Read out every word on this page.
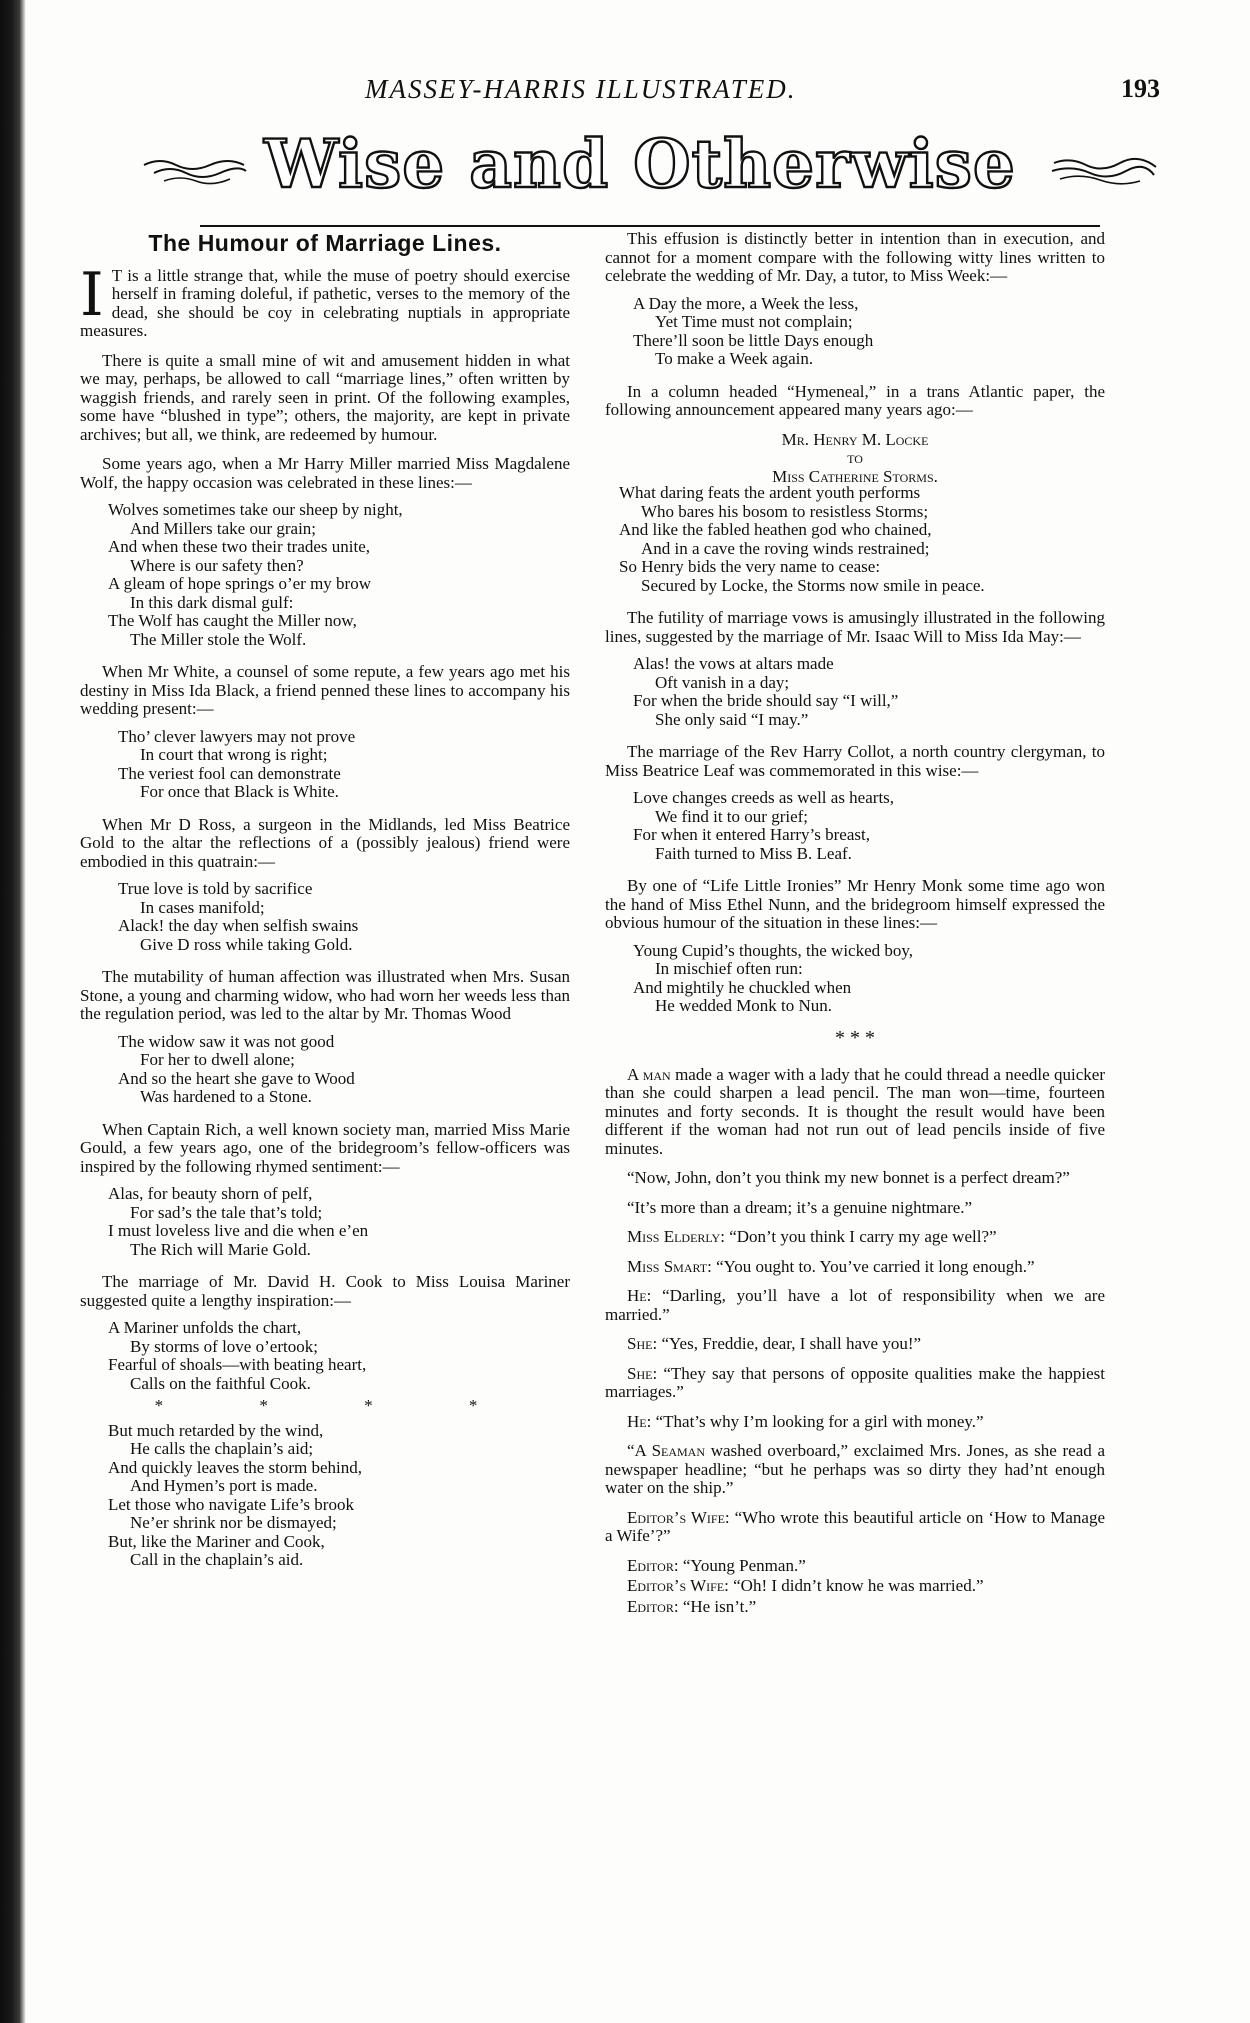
MASSEY-HARRIS ILLUSTRATED.	193
Wise and Otherwise
The Humour of Marriage Lines.

I T is a little strange that, while the muse of poetry should exercise herself in framing doleful, if pathetic, verses to the memory of the dead, she should be coy in celebrating nuptials in appropriate measures.

There is quite a small mine of wit and amusement hidden in what we may, perhaps, be allowed to call “marriage lines,” often written by waggish friends, and rarely seen in print. Of the following examples, some have “blushed in type”; others, the majority, are kept in private archives; but all, we think, are redeemed by humour.

Some years ago, when a Mr Harry Miller married Miss Magdalene Wolf, the happy occasion was celebrated in these lines:—

Wolves sometimes take our sheep by night,
And Millers take our grain;
And when these two their trades unite,
Where is our safety then?
A gleam of hope springs o’er my brow
In this dark dismal gulf:
The Wolf has caught the Miller now,
The Miller stole the Wolf.

When Mr White, a counsel of some repute, a few years ago met his destiny in Miss Ida Black, a friend penned these lines to accompany his wedding present:—

Tho’ clever lawyers may not prove
In court that wrong is right;
The veriest fool can demonstrate
For once that Black is White.

When Mr D Ross, a surgeon in the Midlands, led Miss Beatrice Gold to the altar the reflections of a (possibly jealous) friend were embodied in this quatrain:—

True love is told by sacrifice
In cases manifold;
Alack! the day when selfish swains
Give D ross while taking Gold.

The mutability of human affection was illustrated when Mrs. Susan Stone, a young and charming widow, who had worn her weeds less than the regulation period, was led to the altar by Mr. Thomas Wood

The widow saw it was not good
For her to dwell alone;
And so the heart she gave to Wood
Was hardened to a Stone.

When Captain Rich, a well known society man, married Miss Marie Gould, a few years ago, one of the bridegroom’s fellow-officers was inspired by the following rhymed sentiment:—

Alas, for beauty shorn of pelf,
For sad’s the tale that’s told;
I must loveless live and die when e’en
The Rich will Marie Gold.

The marriage of Mr. David H. Cook to Miss Louisa Mariner suggested quite a lengthy inspiration:—

A Mariner unfolds the chart,
By storms of love o’ertook;
Fearful of shoals—with beating heart,
Calls on the faithful Cook.
* * * *
But much retarded by the wind,
He calls the chaplain’s aid;
And quickly leaves the storm behind,
And Hymen’s port is made.
Let those who navigate Life’s brook
Ne’er shrink nor be dismayed;
But, like the Mariner and Cook,
Call in the chaplain’s aid.

This effusion is distinctly better in intention than in execution, and cannot for a moment compare with the following witty lines written to celebrate the wedding of Mr. Day, a tutor, to Miss Week:—

A Day the more, a Week the less,
Yet Time must not complain;
There’ll soon be little Days enough
To make a Week again.

In a column headed “Hymeneal,” in a trans Atlantic paper, the following announcement appeared many years ago:—

Mr. Henry M. Locke

to

Miss Catherine Storms.

What daring feats the ardent youth performs
Who bares his bosom to resistless Storms;
And like the fabled heathen god who chained,
And in a cave the roving winds restrained;
So Henry bids the very name to cease:
Secured by Locke, the Storms now smile in peace.

The futility of marriage vows is amusingly illustrated in the following lines, suggested by the marriage of Mr. Isaac Will to Miss Ida May:—

Alas! the vows at altars made
Oft vanish in a day;
For when the bride should say “I will,”
She only said “I may.”

The marriage of the Rev Harry Collot, a north country clergyman, to Miss Beatrice Leaf was commemorated in this wise:—

Love changes creeds as well as hearts,
We find it to our grief;
For when it entered Harry’s breast,
Faith turned to Miss B. Leaf.

By one of “Life Little Ironies” Mr Henry Monk some time ago won the hand of Miss Ethel Nunn, and the bridegroom himself expressed the obvious humour of the situation in these lines:—

Young Cupid’s thoughts, the wicked boy,
In mischief often run:
And mightily he chuckled when
He wedded Monk to Nun.
* * *

A man made a wager with a lady that he could thread a needle quicker than she could sharpen a lead pencil. The man won—time, fourteen minutes and forty seconds. It is thought the result would have been different if the woman had not run out of lead pencils inside of five minutes.

“Now, John, don’t you think my new bonnet is a perfect dream?”

“It’s more than a dream; it’s a genuine nightmare.”

Miss Elderly: “Don’t you think I carry my age well?”

Miss Smart: “You ought to. You’ve carried it long enough.”

He: “Darling, you’ll have a lot of responsibility when we are married.”

She: “Yes, Freddie, dear, I shall have you!”

She: “They say that persons of opposite qualities make the happiest marriages.”

He: “That’s why I’m looking for a girl with money.”

“A Seaman washed overboard,” exclaimed Mrs. Jones, as she read a newspaper headline; “but he perhaps was so dirty they had’nt enough water on the ship.”

Editor’s Wife: “Who wrote this beautiful article on ‘How to Manage a Wife’?”

Editor: “Young Penman.”

Editor’s Wife: “Oh! I didn’t know he was married.”

Editor: “He isn’t.”
